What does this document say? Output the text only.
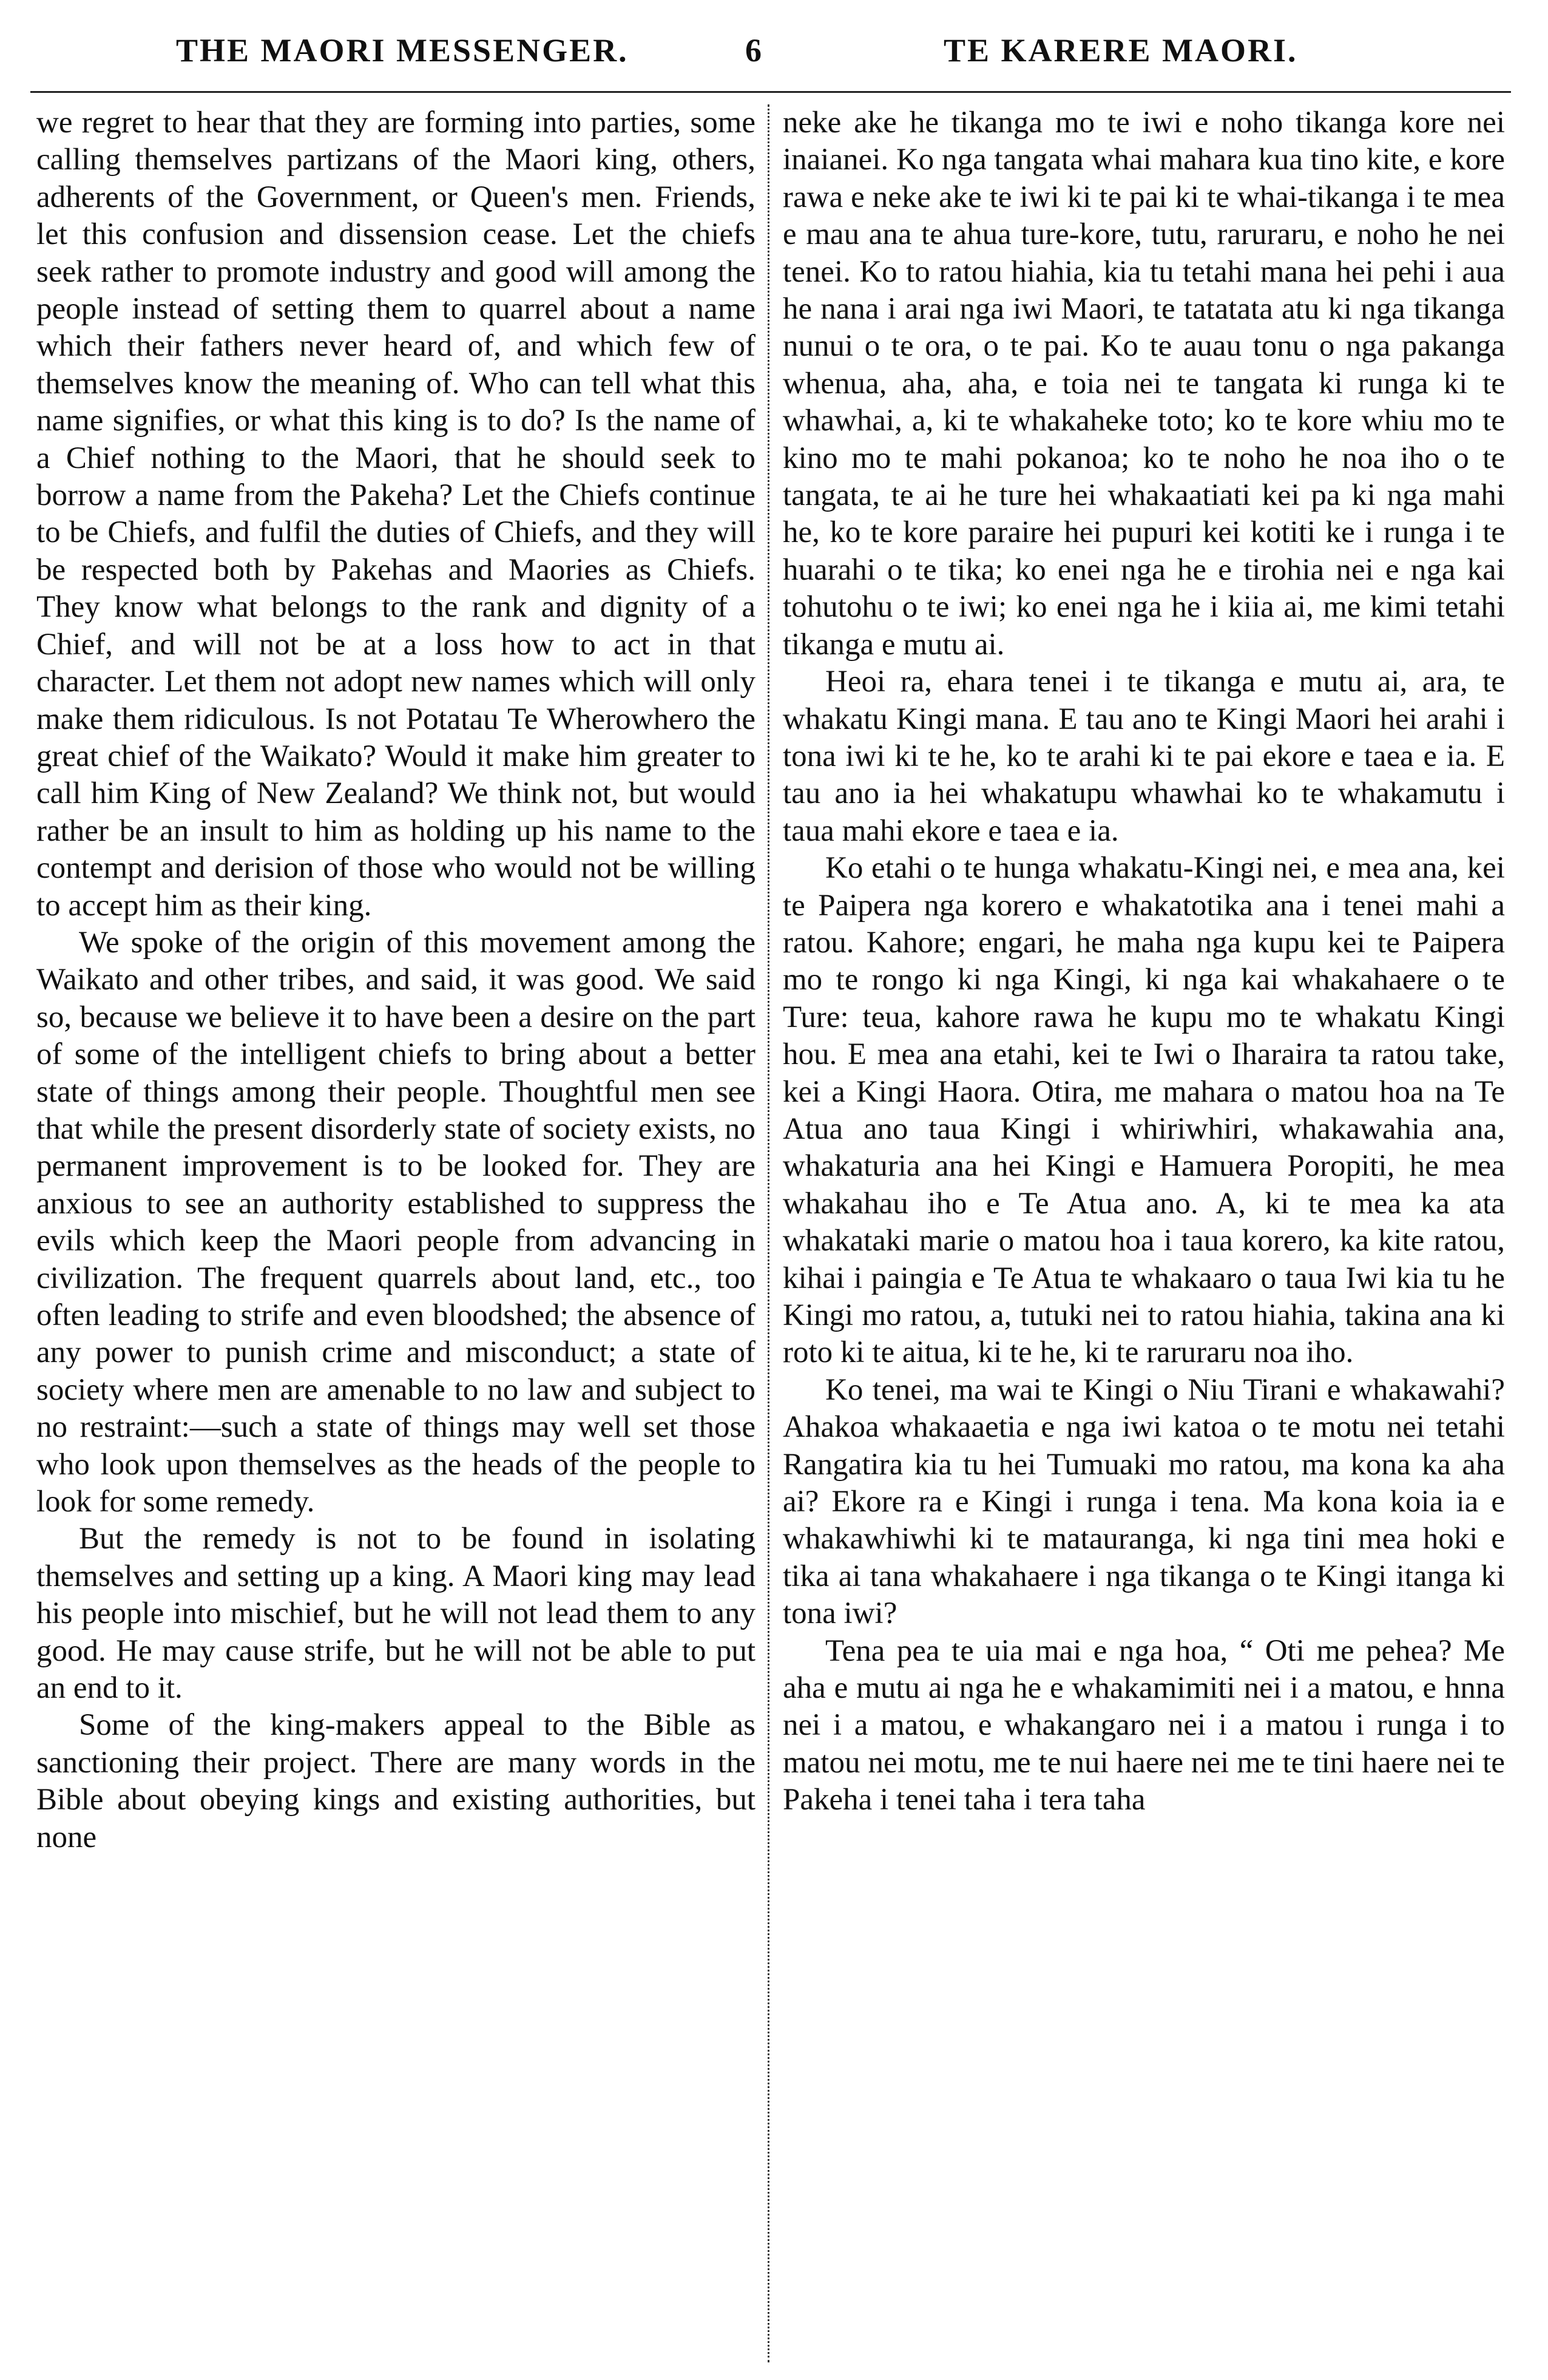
THE MAORI MESSENGER.	6	TE KARERE MAORI.

we regret to hear that they are forming into parties, some calling themselves partizans of the Maori king, others, adherents of the Government, or Queen's men. Friends, let this confusion and dissension cease. Let the chiefs seek rather to promote industry and good will among the people instead of setting them to quarrel about a name which their fathers never heard of, and which few of themselves know the meaning of. Who can tell what this name signifies, or what this king is to do? Is the name of a Chief nothing to the Maori, that he should seek to borrow a name from the Pakeha? Let the Chiefs continue to be Chiefs, and fulfil the duties of Chiefs, and they will be respected both by Pakehas and Maories as Chiefs. They know what belongs to the rank and dignity of a Chief, and will not be at a loss how to act in that character. Let them not adopt new names which will only make them ridiculous. Is not Potatau Te Wherowhero the great chief of the Waikato? Would it make him greater to call him King of New Zealand? We think not, but would rather be an insult to him as holding up his name to the contempt and derision of those who would not be willing to accept him as their king.

We spoke of the origin of this movement among the Waikato and other tribes, and said, it was good. We said so, because we believe it to have been a desire on the part of some of the intelligent chiefs to bring about a better state of things among their people. Thoughtful men see that while the present disorderly state of society exists, no permanent improvement is to be looked for. They are anxious to see an authority established to suppress the evils which keep the Maori people from advancing in civilization. The frequent quarrels about land, etc., too often leading to strife and even bloodshed; the absence of any power to punish crime and misconduct; a state of society where men are amenable to no law and subject to no restraint:—such a state of things may well set those who look upon themselves as the heads of the people to look for some remedy.

But the remedy is not to be found in isolating themselves and setting up a king. A Maori king may lead his people into mischief, but he will not lead them to any good. He may cause strife, but he will not be able to put an end to it.

Some of the king-makers appeal to the Bible as sanctioning their project. There are many words in the Bible about obeying kings and existing authorities, but none

neke ake he tikanga mo te iwi e noho tikanga kore nei inaianei. Ko nga tangata whai mahara kua tino kite, e kore rawa e neke ake te iwi ki te pai ki te whai-tikanga i te mea e mau ana te ahua ture-kore, tutu, raruraru, e noho he nei tenei. Ko to ratou hiahia, kia tu tetahi mana hei pehi i aua he nana i arai nga iwi Maori, te tatatata atu ki nga tikanga nunui o te ora, o te pai. Ko te auau tonu o nga pakanga whenua, aha, aha, e toia nei te tangata ki runga ki te whawhai, a, ki te whakaheke toto; ko te kore whiu mo te kino mo te mahi pokanoa; ko te noho he noa iho o te tangata, te ai he ture hei whakaatiati kei pa ki nga mahi he, ko te kore paraire hei pupuri kei kotiti ke i runga i te huarahi o te tika; ko enei nga he e tirohia nei e nga kai tohutohu o te iwi; ko enei nga he i kiia ai, me kimi tetahi tikanga e mutu ai.

Heoi ra, ehara tenei i te tikanga e mutu ai, ara, te whakatu Kingi mana. E tau ano te Kingi Maori hei arahi i tona iwi ki te he, ko te arahi ki te pai ekore e taea e ia. E tau ano ia hei whakatupu whawhai ko te whakamutu i taua mahi ekore e taea e ia.

Ko etahi o te hunga whakatu-Kingi nei, e mea ana, kei te Paipera nga korero e whakatotika ana i tenei mahi a ratou. Kahore; engari, he maha nga kupu kei te Paipera mo te rongo ki nga Kingi, ki nga kai whakahaere o te Ture: teua, kahore rawa he kupu mo te whakatu Kingi hou. E mea ana etahi, kei te Iwi o Iharaira ta ratou take, kei a Kingi Haora. Otira, me mahara o matou hoa na Te Atua ano taua Kingi i whiriwhiri, whakawahia ana, whakaturia ana hei Kingi e Hamuera Poropiti, he mea whakahau iho e Te Atua ano. A, ki te mea ka ata whakataki marie o matou hoa i taua korero, ka kite ratou, kihai i paingia e Te Atua te whakaaro o taua Iwi kia tu he Kingi mo ratou, a, tutuki nei to ratou hiahia, takina ana ki roto ki te aitua, ki te he, ki te raruraru noa iho.

Ko tenei, ma wai te Kingi o Niu Tirani e whakawahi? Ahakoa whakaaetia e nga iwi katoa o te motu nei tetahi Rangatira kia tu hei Tumuaki mo ratou, ma kona ka aha ai? Ekore ra e Kingi i runga i tena. Ma kona koia ia e whakawhiwhi ki te matauranga, ki nga tini mea hoki e tika ai tana whakahaere i nga tikanga o te Kingi itanga ki tona iwi?

Tena pea te uia mai e nga hoa, “ Oti me pehea? Me aha e mutu ai nga he e whakamimiti nei i a matou, e hnna nei i a matou, e whakangaro nei i a matou i runga i to matou nei motu, me te nui haere nei me te tini haere nei te Pakeha i tenei taha i tera taha
